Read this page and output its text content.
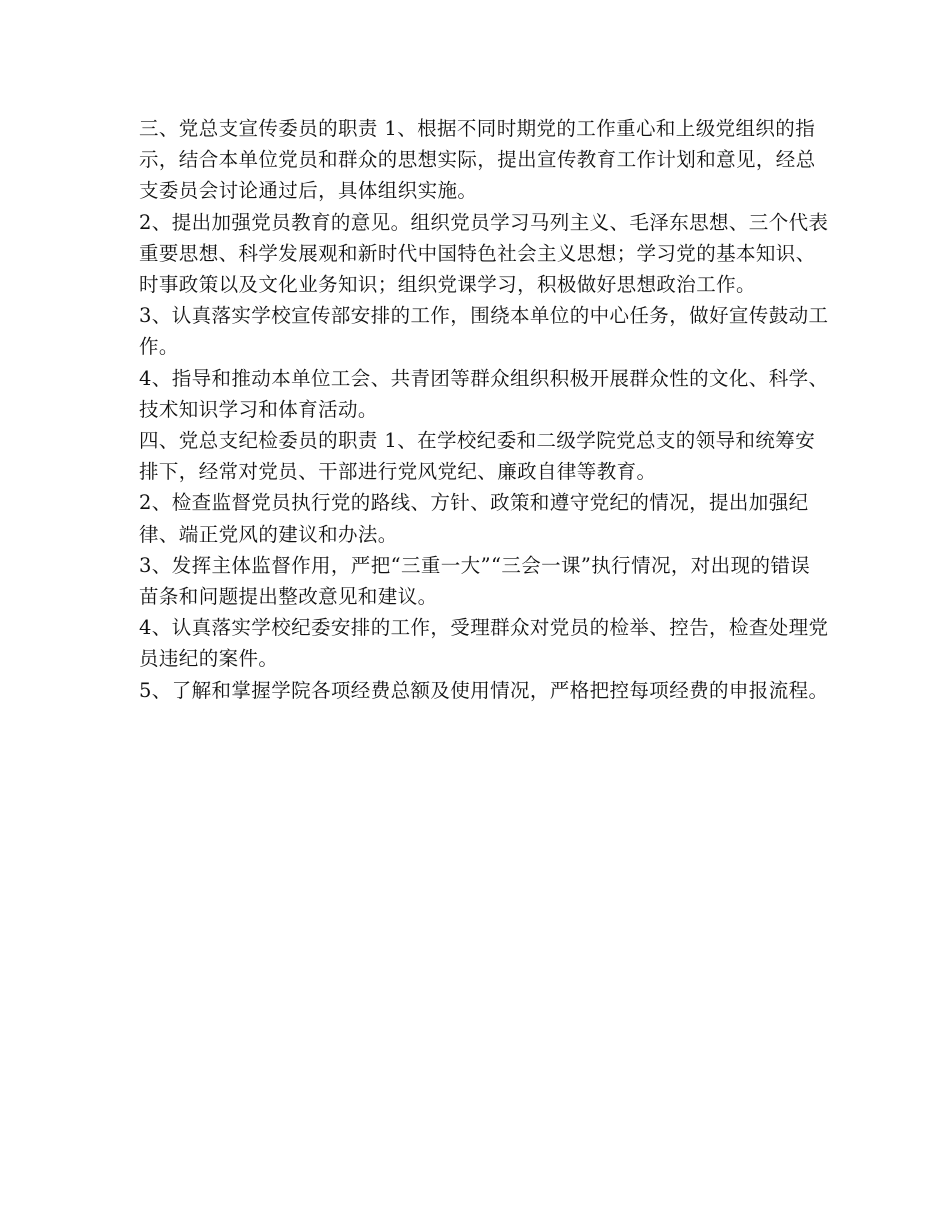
三、党总支宣传委员的职责 1、根据不同时期党的工作重心和上级党组织的指示，结合本单位党员和群众的思想实际，提出宣传教育工作计划和意见，经总支委员会讨论通过后，具体组织实施。

2、提出加强党员教育的意见。组织党员学习马列主义、毛泽东思想、三个代表重要思想、科学发展观和新时代中国特色社会主义思想；学习党的基本知识、时事政策以及文化业务知识；组织党课学习，积极做好思想政治工作。

3、认真落实学校宣传部安排的工作，围绕本单位的中心任务，做好宣传鼓动工作。

4、指导和推动本单位工会、共青团等群众组织积极开展群众性的文化、科学、技术知识学习和体育活动。

四、党总支纪检委员的职责 1、在学校纪委和二级学院党总支的领导和统筹安排下，经常对党员、干部进行党风党纪、廉政自律等教育。

2、检查监督党员执行党的路线、方针、政策和遵守党纪的情况，提出加强纪律、端正党风的建议和办法。

3、发挥主体监督作用，严把“三重一大”“三会一课”执行情况，对出现的错误苗条和问题提出整改意见和建议。

4、认真落实学校纪委安排的工作，受理群众对党员的检举、控告，检查处理党员违纪的案件。

5、了解和掌握学院各项经费总额及使用情况，严格把控每项经费的申报流程。
